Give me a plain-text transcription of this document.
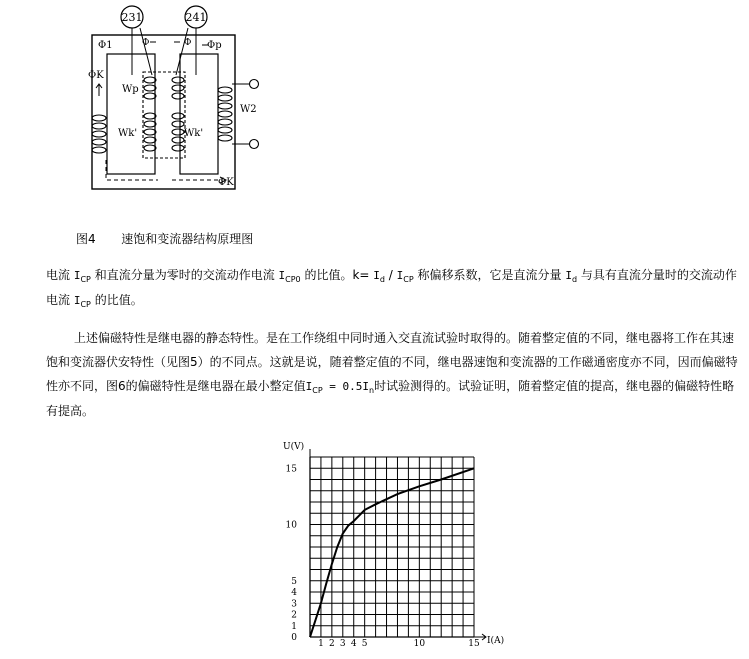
231	241
Φ1	Φ	Φ Φp
ΦK
Wp
Wk'	Wk'
W2
ΦK
图4 速饱和变流器结构原理图

电流 $I_{CP}$ 和直流分量为零时的交流动作电流 $I_{CP0}$ 的比值。$k= I_d / I_{CP}$ 称偏移系数，它是直流分量 $I_d$ 与具有直流分量时的交流动作
电流 $I_{CP}$ 的比值。

上述偏磁特性是继电器的静态特性。是在工作绕组中同时通入交直流试验时取得的。随着整定值的不同，继电器将工作在其速饱和变流器伏安特性（见图5）的不同点。这就是说，随着整定值的不同，继电器速饱和变流器的工作磁通密度亦不同，因而偏磁特性亦不同，图6的偏磁特性是继电器在最小整定值$I_{CP} = 0.5I_n$时试验测得的。试验证明，随着整定值的提高，继电器的偏磁特性略有提高。

1 2 3 4 5	10	15
1
2
3
4
5
10
15
0
U(V)
I(A)
